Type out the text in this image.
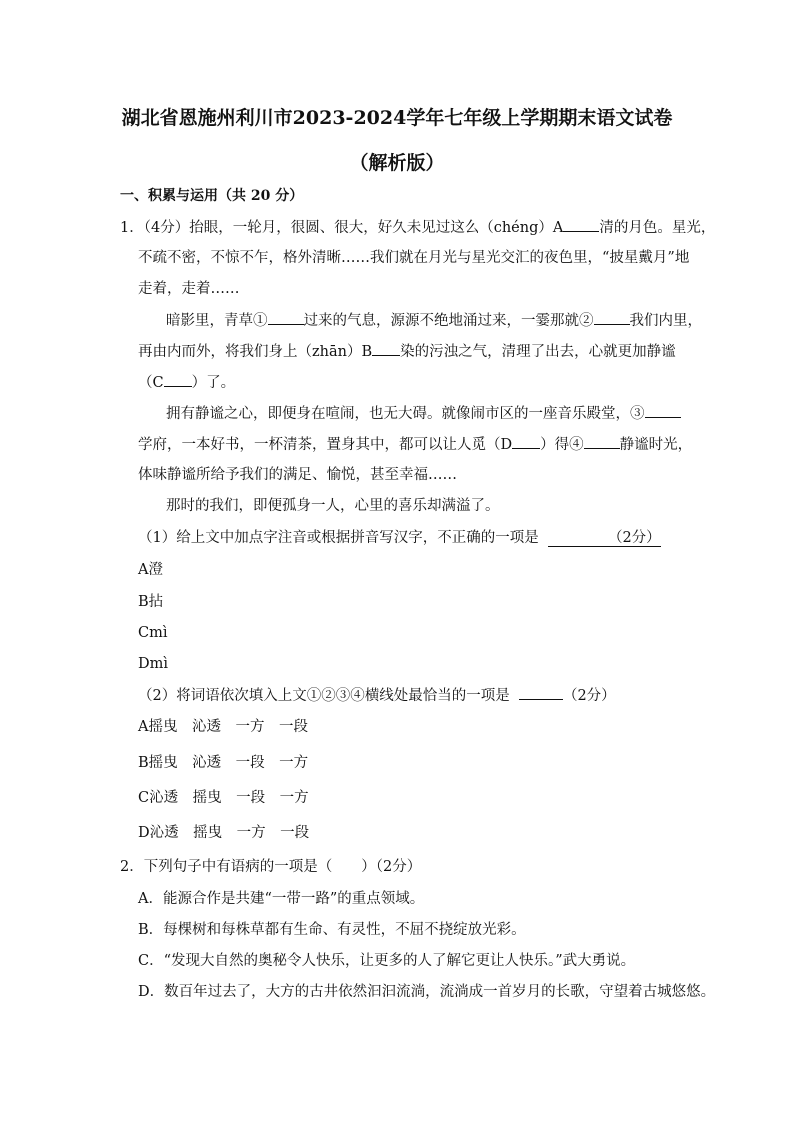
湖北省恩施州利川市2023-2024学年七年级上学期期末语文试卷
（解析版）
一、积累与运用（共 20 分）
1．（4分）抬眼，一轮月，很圆、很大，好久未见过这么（chéng）A 清的月色。星光，
不疏不密，不惊不乍，格外清晰……我们就在月光与星光交汇的夜色里，“披星戴月”地
走着，走着……
暗影里，青草① 过来的气息，源源不绝地涌过来，一霎那就② 我们内里，
再由内而外，将我们身上（zhān）B 染的污浊之气，清理了出去，心就更加静谧
（C ）了。
拥有静谧之心，即便身在喧闹，也无大碍。就像闹市区的一座音乐殿堂，③
学府，一本好书，一杯清茶，置身其中，都可以让人觅（D ）得④ 静谧时光，
体味静谧所给予我们的满足、愉悦，甚至幸福……
那时的我们，即便孤身一人，心里的喜乐却满溢了。
（1）给上文中加点字注音或根据拼音写汉字，不正确的一项是	（2分）
A澄
B拈
Cmì
Dmì
（2）将词语依次填入上文①②③④横线处最恰当的一项是	（2分）
A摇曳　沁透　一方　一段
B摇曳　沁透　一段　一方
C沁透　摇曳　一段　一方
D沁透　摇曳　一方　一段
2．下列句子中有语病的一项是（　　）（2分）
A．能源合作是共建“一带一路”的重点领域。
B．每棵树和每株草都有生命、有灵性，不屈不挠绽放光彩。
C．“发现大自然的奥秘令人快乐，让更多的人了解它更让人快乐。”武大勇说。
D．数百年过去了，大方的古井依然汩汩流淌，流淌成一首岁月的长歌，守望着古城悠悠。
